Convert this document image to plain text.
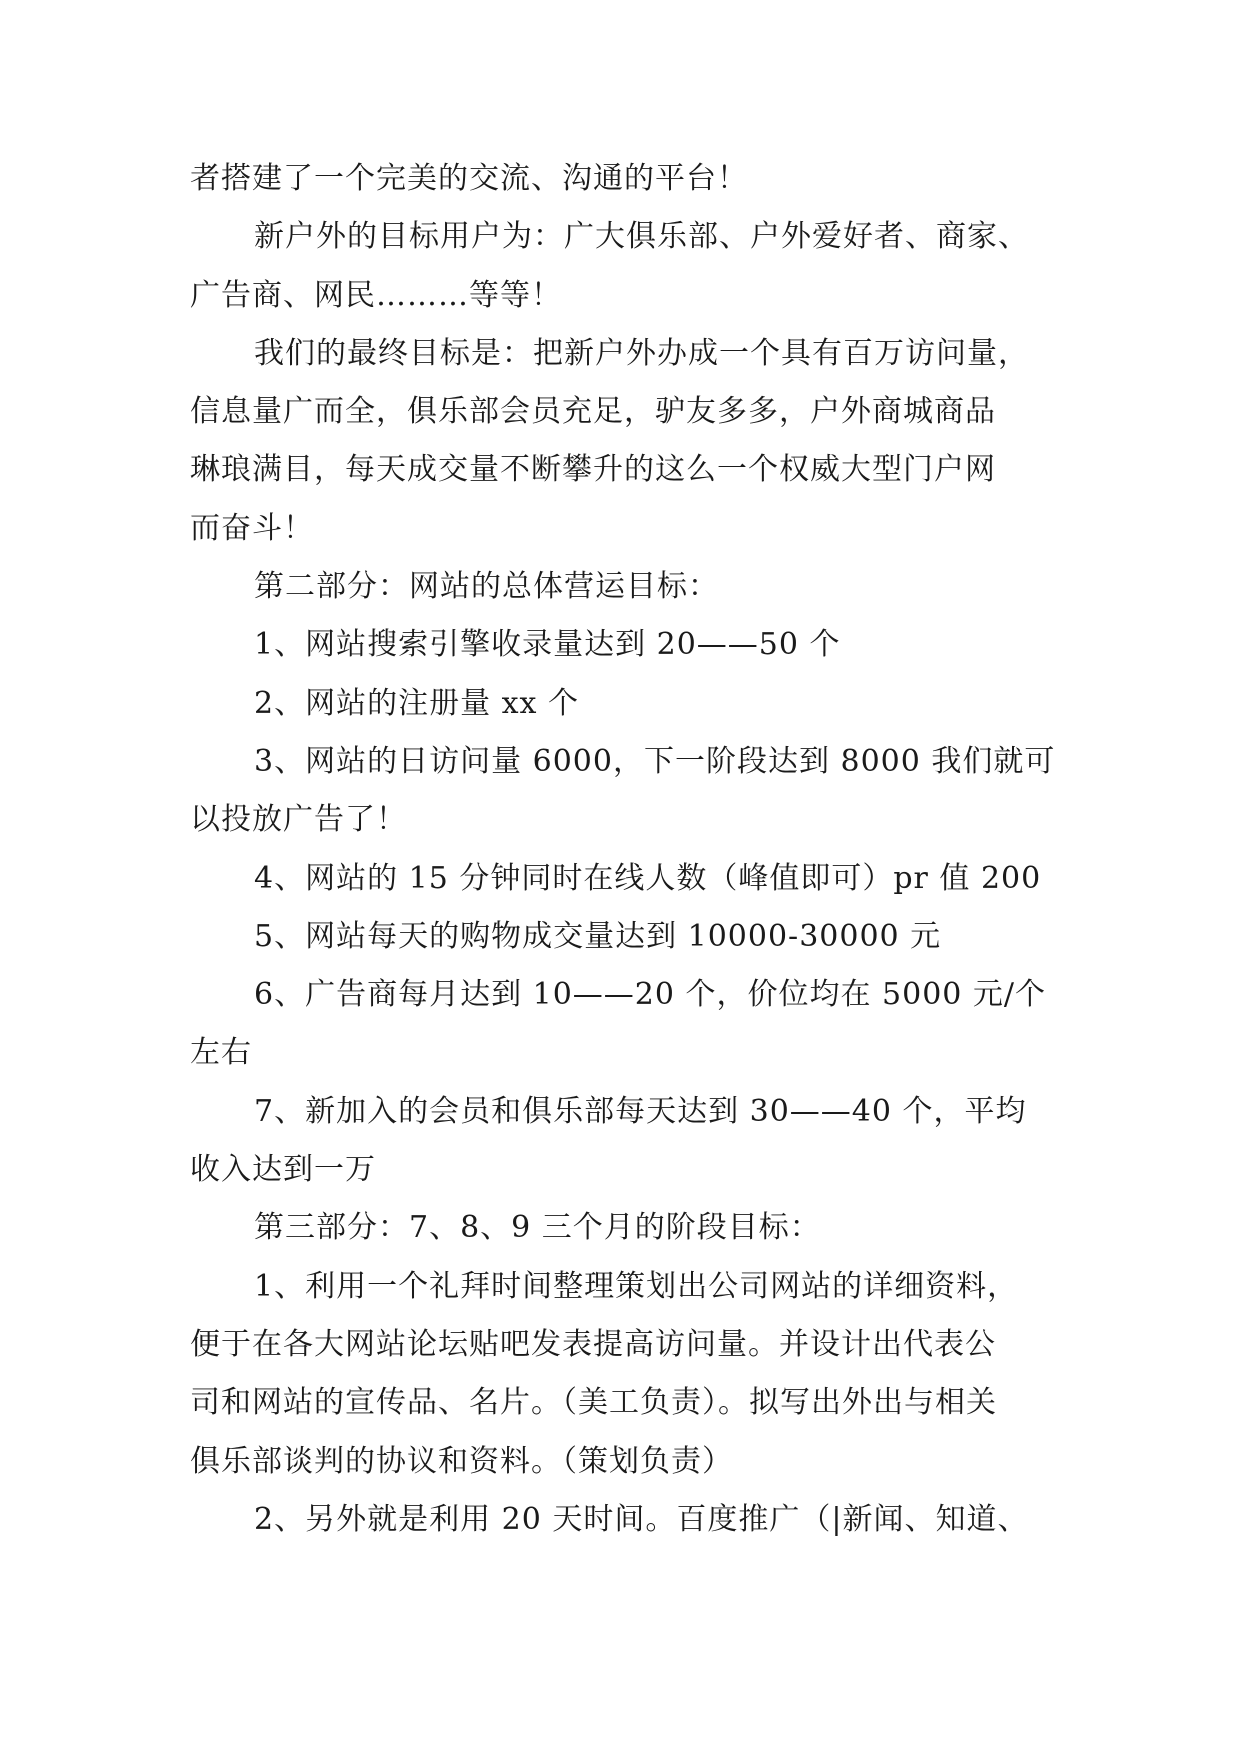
者搭建了一个完美的交流、沟通的平台！
新户外的目标用户为：广大俱乐部、户外爱好者、商家、
广告商、网民………等等！
我们的最终目标是：把新户外办成一个具有百万访问量，
信息量广而全，俱乐部会员充足，驴友多多，户外商城商品
琳琅满目，每天成交量不断攀升的这么一个权威大型门户网
而奋斗！
第二部分：网站的总体营运目标：
1、网站搜索引擎收录量达到 20——50 个
2、网站的注册量 xx 个
3、网站的日访问量 6000，下一阶段达到 8000 我们就可
以投放广告了！
4、网站的 15 分钟同时在线人数（峰值即可）pr 值 200
5、网站每天的购物成交量达到 10000-30000 元
6、广告商每月达到 10——20 个，价位均在 5000 元/个
左右
7、新加入的会员和俱乐部每天达到 30——40 个，平均
收入达到一万
第三部分：7、8、9 三个月的阶段目标：
1、利用一个礼拜时间整理策划出公司网站的详细资料，
便于在各大网站论坛贴吧发表提高访问量。并设计出代表公
司和网站的宣传品、名片。（美工负责）。拟写出外出与相关
俱乐部谈判的协议和资料。（策划负责）
2、另外就是利用 20 天时间。百度推广（|新闻、知道、
